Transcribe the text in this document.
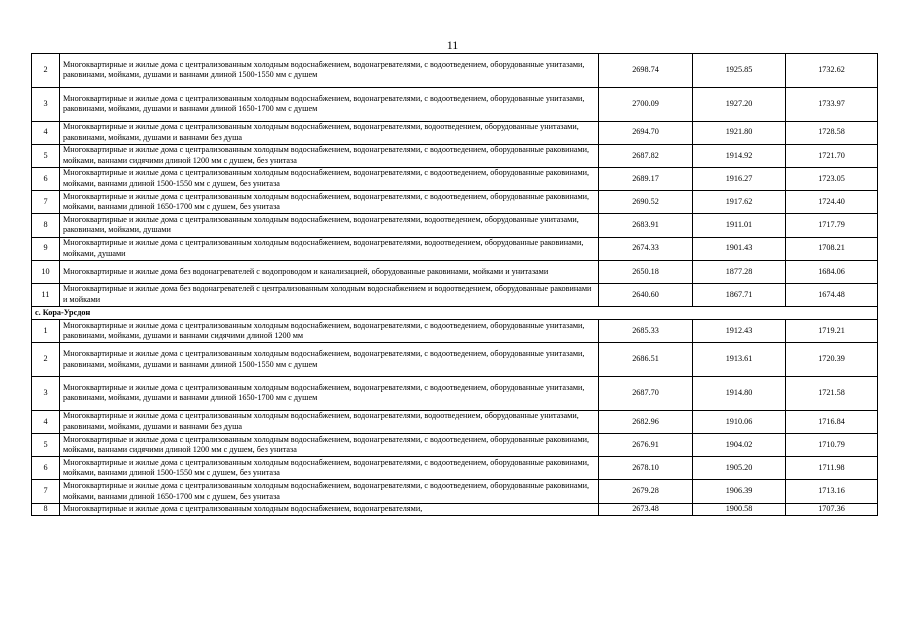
11
2	Многоквартирные и жилые дома с централизованным холодным водоснабжением, водонагревателями, с водоотведением, оборудованные унитазами, раковинами, мойками, душами и ваннами длиной 1500-1550 мм с душем	2698.74	1925.85	1732.62
3	Многоквартирные и жилые дома с централизованным холодным водоснабжением, водонагревателями, с водоотведением, оборудованные унитазами, раковинами, мойками, душами и ваннами длиной 1650-1700 мм с душем	2700.09	1927.20	1733.97
4	Многоквартирные и жилые дома с централизованным холодным водоснабжением, водонагревателями, водоотведением, оборудованные унитазами, раковинами, мойками, душами и ваннами без душа	2694.70	1921.80	1728.58
5	Многоквартирные и жилые дома с централизованным холодным водоснабжением, водонагревателями, с водоотведением, оборудованные раковинами, мойками, ваннами сидячими длиной 1200 мм с душем, без унитаза	2687.82	1914.92	1721.70
6	Многоквартирные и жилые дома с централизованным холодным водоснабжением, водонагревателями, с водоотведением, оборудованные раковинами, мойками, ваннами длиной 1500-1550 мм с душем, без унитаза	2689.17	1916.27	1723.05
7	Многоквартирные и жилые дома с централизованным холодным водоснабжением, водонагревателями, с водоотведением, оборудованные раковинами, мойками, ваннами длиной 1650-1700 мм с душем, без унитаза	2690.52	1917.62	1724.40
8	Многоквартирные и жилые дома с централизованным холодным водоснабжением, водонагревателями, водоотведением, оборудованные унитазами, раковинами, мойками, душами	2683.91	1911.01	1717.79
9	Многоквартирные и жилые дома с централизованным холодным водоснабжением, водонагревателями, водоотведением, оборудованные раковинами, мойками, душами	2674.33	1901.43	1708.21
10	Многоквартирные и жилые дома без водонагревателей с водопроводом и канализацией, оборудованные раковинами, мойками и унитазами	2650.18	1877.28	1684.06
11	Многоквартирные и жилые дома без водонагревателей с централизованным холодным водоснабжением и водоотведением, оборудованные раковинами и мойками	2640.60	1867.71	1674.48
с. Кора-Урсдон				
1	Многоквартирные и жилые дома с централизованным холодным водоснабжением, водонагревателями, с водоотведением, оборудованные унитазами, раковинами, мойками, душами и ваннами сидячими длиной 1200 мм	2685.33	1912.43	1719.21
2	Многоквартирные и жилые дома с централизованным холодным водоснабжением, водонагревателями, с водоотведением, оборудованные унитазами, раковинами, мойками, душами и ваннами длиной 1500-1550 мм с душем	2686.51	1913.61	1720.39
3	Многоквартирные и жилые дома с централизованным холодным водоснабжением, водонагревателями, с водоотведением, оборудованные унитазами, раковинами, мойками, душами и ваннами длиной 1650-1700 мм с душем	2687.70	1914.80	1721.58
4	Многоквартирные и жилые дома с централизованным холодным водоснабжением, водонагревателями, водоотведением, оборудованные унитазами, раковинами, мойками, душами и ваннами без душа	2682.96	1910.06	1716.84
5	Многоквартирные и жилые дома с централизованным холодным водоснабжением, водонагревателями, с водоотведением, оборудованные раковинами, мойками, ваннами сидячими длиной 1200 мм с душем, без унитаза	2676.91	1904.02	1710.79
6	Многоквартирные и жилые дома с централизованным холодным водоснабжением, водонагревателями, с водоотведением, оборудованные раковинами, мойками, ваннами длиной 1500-1550 мм с душем, без унитаза	2678.10	1905.20	1711.98
7	Многоквартирные и жилые дома с централизованным холодным водоснабжением, водонагревателями, с водоотведением, оборудованные раковинами, мойками, ваннами длиной 1650-1700 мм с душем, без унитаза	2679.28	1906.39	1713.16
8	Многоквартирные и жилые дома с централизованным холодным водоснабжением, водонагревателями,	2673.48	1900.58	1707.36
